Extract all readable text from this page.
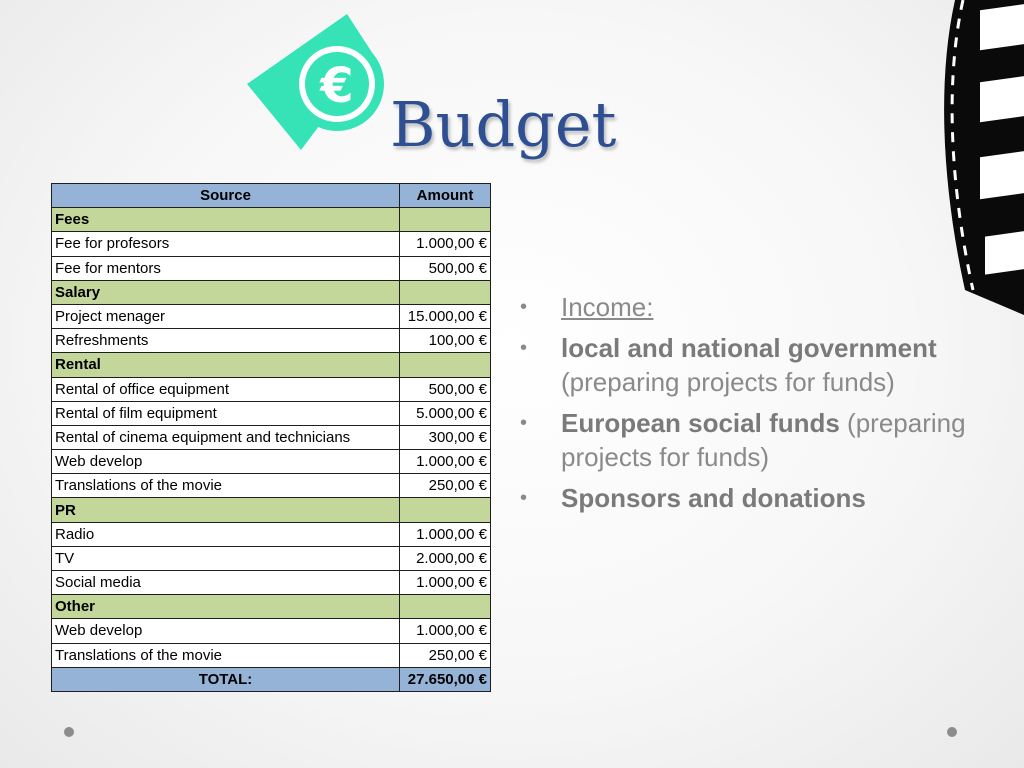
€
Budget
Source	Amount
Fees	
Fee for profesors	1.000,00 €
Fee for mentors	500,00 €
Salary	
Project menager	15.000,00 €
Refreshments	100,00 €
Rental	
Rental of office equipment	500,00 €
Rental of film equipment	5.000,00 €
Rental of cinema equipment and technicians	300,00 €
Web develop	1.000,00 €
Translations of the movie	250,00 €
PR	
Radio	1.000,00 €
TV	2.000,00 €
Social media	1.000,00 €
Other	
Web develop	1.000,00 €
Translations of the movie	250,00 €
TOTAL:	27.650,00 €
• Income:
• local and national government (preparing projects for funds)
• European social funds (preparing projects for funds)
• Sponsors and donations
